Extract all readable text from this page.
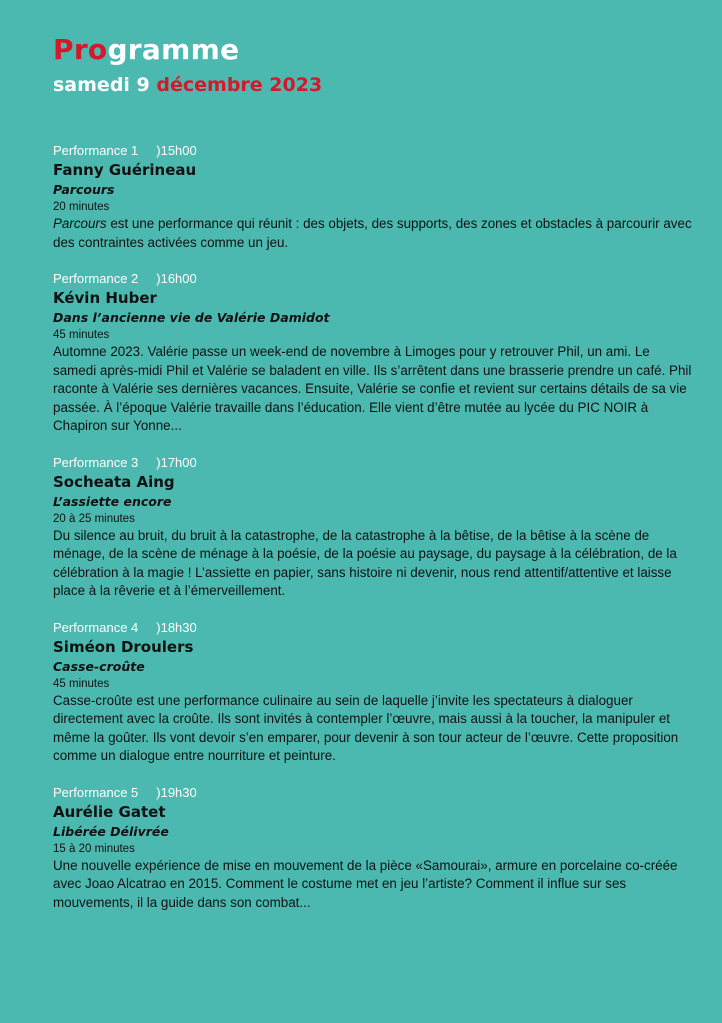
Programme
samedi 9 décembre 2023
Performance 1 )15h00
Fanny Guérineau
Parcours
20 minutes

Parcours est une performance qui réunit : des objets, des supports, des zones et obstacles à parcourir avec des contraintes activées comme un jeu.

Performance 2 )16h00
Kévin Huber
Dans l’ancienne vie de Valérie Damidot
45 minutes

Automne 2023. Valérie passe un week-end de novembre à Limoges pour y retrouver Phil, un ami. Le samedi après-midi Phil et Valérie se baladent en ville. Ils s’arrêtent dans une brasserie prendre un café. Phil raconte à Valérie ses dernières vacances. Ensuite, Valérie se confie et revient sur certains détails de sa vie passée. À l’époque Valérie travaille dans l’éducation. Elle vient d’être mutée au lycée du PIC NOIR à Chapiron sur Yonne...

Performance 3 )17h00
Socheata Aing
L’assiette encore
20 à 25 minutes

Du silence au bruit, du bruit à la catastrophe, de la catastrophe à la bêtise, de la bêtise à la scène de ménage, de la scène de ménage à la poésie, de la poésie au paysage, du paysage à la célébration, de la célébration à la magie ! L’assiette en papier, sans histoire ni devenir, nous rend attentif/attentive et laisse place à la rêverie et à l’émerveillement.

Performance 4 )18h30
Siméon Droulers
Casse-croûte
45 minutes

Casse-croûte est une performance culinaire au sein de laquelle j’invite les spectateurs à dialoguer directement avec la croûte. Ils sont invités à contempler l’œuvre, mais aussi à la toucher, la manipuler et même la goûter. Ils vont devoir s’en emparer, pour devenir à son tour acteur de l’œuvre. Cette proposition comme un dialogue entre nourriture et peinture.

Performance 5 )19h30
Aurélie Gatet
Libérée Délivrée
15 à 20 minutes

Une nouvelle expérience de mise en mouvement de la pièce «Samourai», armure en porcelaine co-créée avec Joao Alcatrao en 2015. Comment le costume met en jeu l’artiste? Comment il influe sur ses mouvements, il la guide dans son combat...
